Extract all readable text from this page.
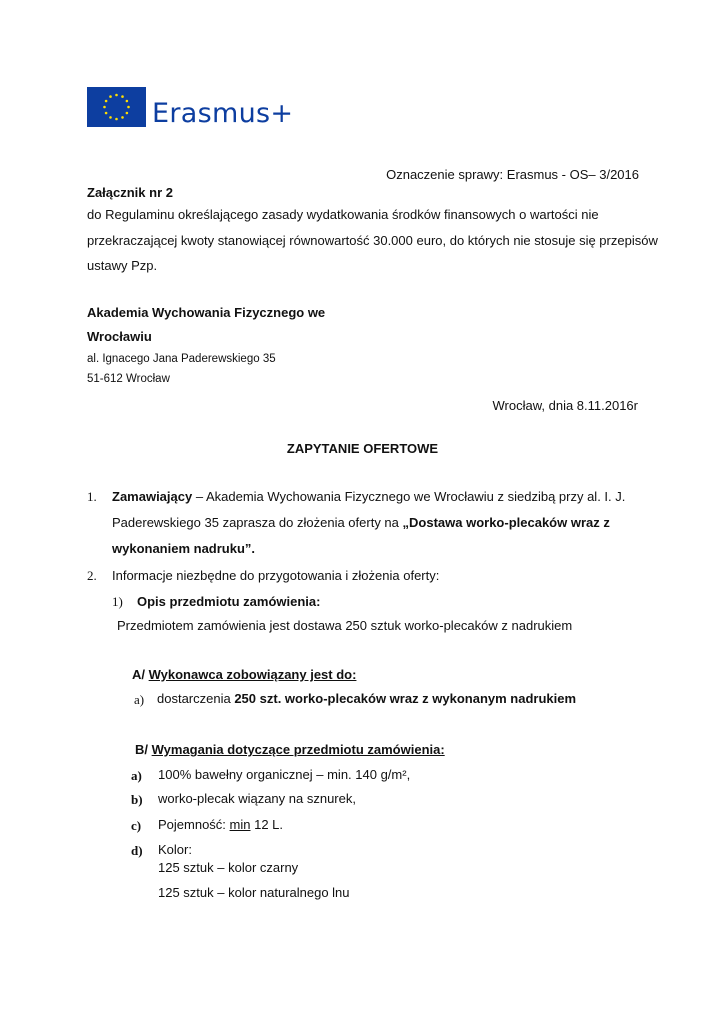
Erasmus+
Oznaczenie sprawy: Erasmus - OS– 3/2016
Załącznik nr 2
do Regulaminu określającego zasady wydatkowania środków finansowych o wartości nie
przekraczającej kwoty stanowiącej równowartość 30.000 euro, do których nie stosuje się przepisów
ustawy Pzp.
Akademia Wychowania Fizycznego we
Wrocławiu
al. Ignacego Jana Paderewskiego 35
51-612 Wrocław
Wrocław, dnia 8.11.2016r
ZAPYTANIE OFERTOWE
1. Zamawiający – Akademia Wychowania Fizycznego we Wrocławiu z siedzibą przy al. I. J.
Paderewskiego 35 zaprasza do złożenia oferty na „Dostawa worko-plecaków wraz z
wykonaniem nadruku”.
2. Informacje niezbędne do przygotowania i złożenia oferty:
1) Opis przedmiotu zamówienia:
Przedmiotem zamówienia jest dostawa 250 sztuk worko-plecaków z nadrukiem
A/ Wykonawca zobowiązany jest do:
a) dostarczenia 250 szt. worko-plecaków wraz z wykonanym nadrukiem
B/ Wymagania dotyczące przedmiotu zamówienia:
a) 100% bawełny organicznej – min. 140 g/m²,
b) worko-plecak wiązany na sznurek,
c) Pojemność: min 12 L.
d) Kolor:
125 sztuk – kolor czarny
125 sztuk – kolor naturalnego lnu
